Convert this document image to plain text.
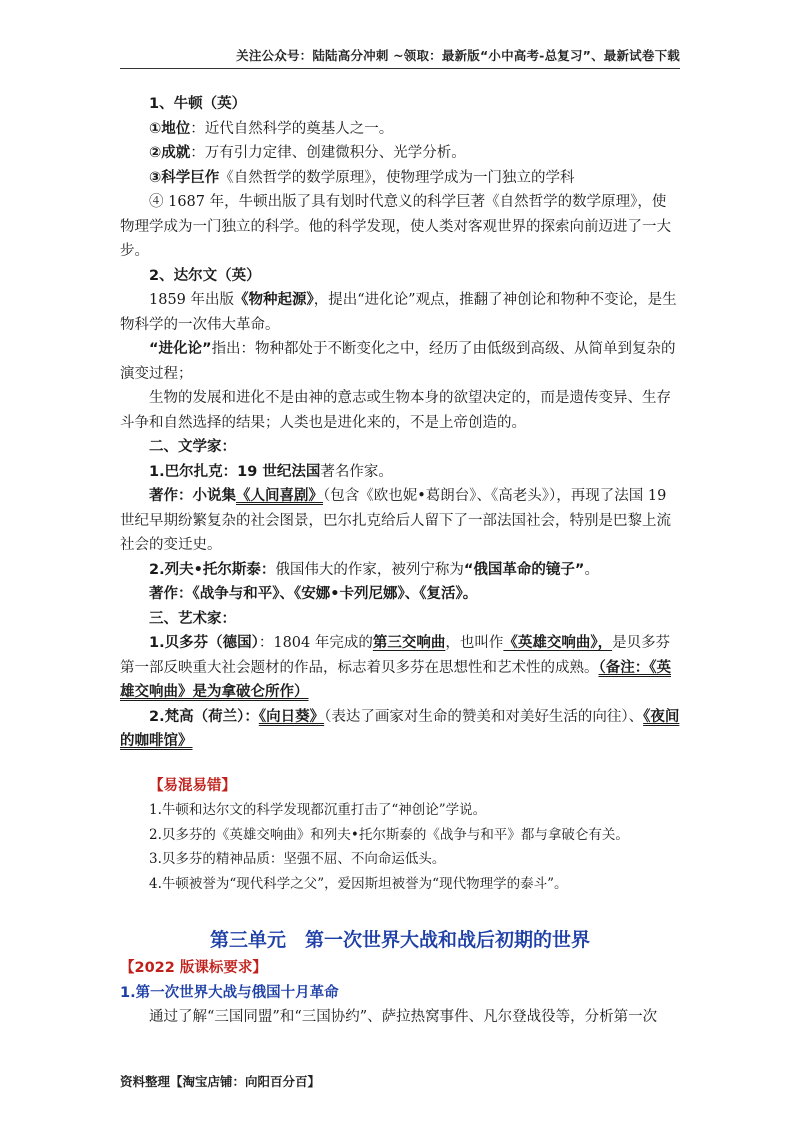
关注公众号：陆陆高分冲刺 ~领取：最新版“小中高考-总复习”、最新试卷下载

1、牛顿（英）

①地位：近代自然科学的奠基人之一。

②成就：万有引力定律、创建微积分、光学分析。

③科学巨作《自然哲学的数学原理》，使物理学成为一门独立的学科

④ 1687 年，牛顿出版了具有划时代意义的科学巨著《自然哲学的数学原理》，使物理学成为一门独立的科学。他的科学发现，使人类对客观世界的探索向前迈进了一大步。

2、达尔文（英）

1859 年出版《物种起源》，提出“进化论”观点，推翻了神创论和物种不变论，是生物科学的一次伟大革命。

“进化论”指出：物种都处于不断变化之中，经历了由低级到高级、从简单到复杂的演变过程；

生物的发展和进化不是由神的意志或生物本身的欲望决定的，而是遗传变异、生存斗争和自然选择的结果；人类也是进化来的，不是上帝创造的。

二、文学家：

1.巴尔扎克：19 世纪法国著名作家。

著作：小说集《人间喜剧》（包含《欧也妮•葛朗台》、《高老头》），再现了法国 19 世纪早期纷繁复杂的社会图景，巴尔扎克给后人留下了一部法国社会，特别是巴黎上流社会的变迁史。

2.列夫•托尔斯泰：俄国伟大的作家，被列宁称为“俄国革命的镜子”。

著作：《战争与和平》、《安娜•卡列尼娜》、《复活》。

三、艺术家：

1.贝多芬（德国）：1804 年完成的第三交响曲，也叫作《英雄交响曲》，是贝多芬第一部反映重大社会题材的作品，标志着贝多芬在思想性和艺术性的成熟。（备注：《英雄交响曲》是为拿破仑所作）

2.梵高（荷兰）：《向日葵》（表达了画家对生命的赞美和对美好生活的向往）、《夜间的咖啡馆》

【易混易错】

1.牛顿和达尔文的科学发现都沉重打击了“神创论”学说。

2.贝多芬的《英雄交响曲》和列夫•托尔斯泰的《战争与和平》都与拿破仑有关。

3.贝多芬的精神品质：坚强不屈、不向命运低头。

4.牛顿被誉为“现代科学之父”，爱因斯坦被誉为“现代物理学的泰斗”。

第三单元　第一次世界大战和战后初期的世界

【2022 版课标要求】

1.第一次世界大战与俄国十月革命

通过了解“三国同盟”和“三国协约”、萨拉热窝事件、凡尔登战役等，分析第一次

资料整理【淘宝店铺：向阳百分百】
